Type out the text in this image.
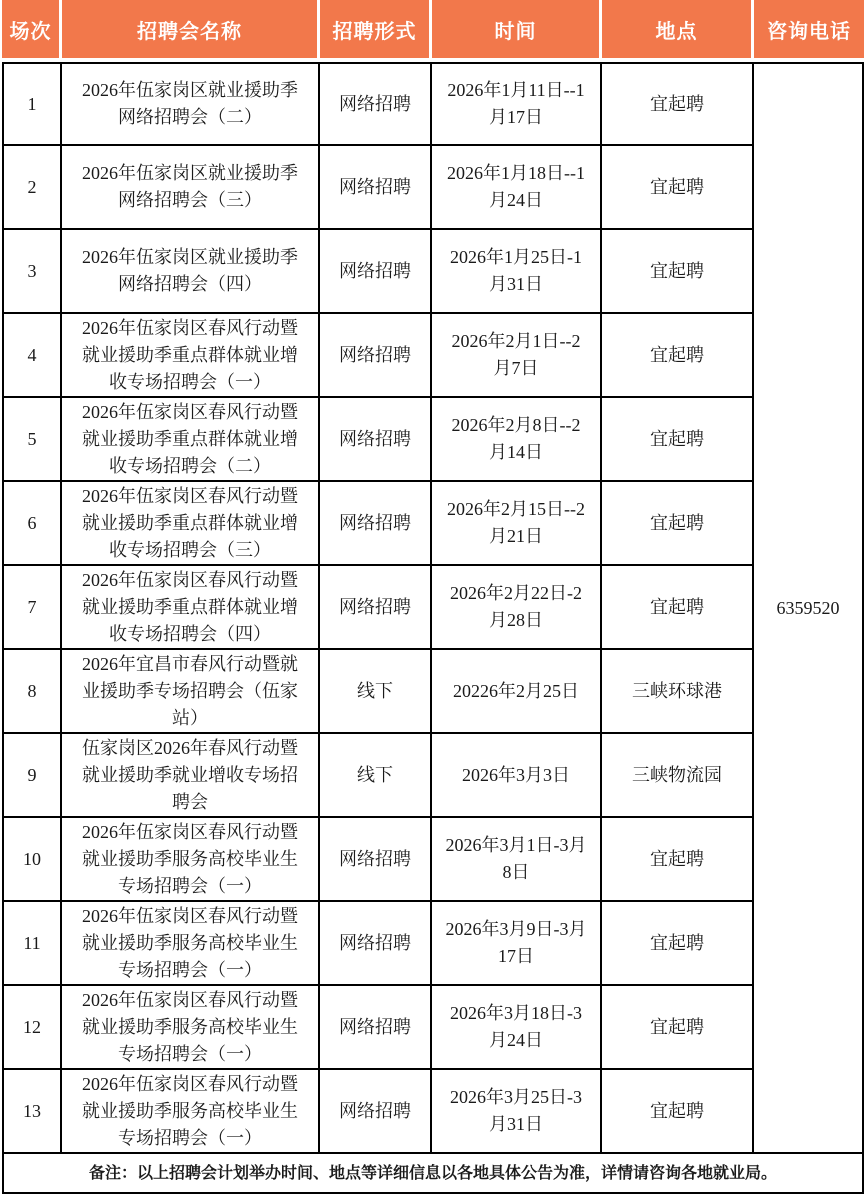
场次	招聘会名称	招聘形式	时间	地点	咨询电话
1	2026年伍家岗区就业援助季网络招聘会（二）	网络招聘	2026年1月11日--1月17日	宜起聘	6359520
2	2026年伍家岗区就业援助季网络招聘会（三）	网络招聘	2026年1月18日--1月24日	宜起聘	
3	2026年伍家岗区就业援助季网络招聘会（四）	网络招聘	2026年1月25日-1月31日	宜起聘	
4	2026年伍家岗区春风行动暨就业援助季重点群体就业增收专场招聘会（一）	网络招聘	2026年2月1日--2月7日	宜起聘	
5	2026年伍家岗区春风行动暨就业援助季重点群体就业增收专场招聘会（二）	网络招聘	2026年2月8日--2月14日	宜起聘	
6	2026年伍家岗区春风行动暨就业援助季重点群体就业增收专场招聘会（三）	网络招聘	2026年2月15日--2月21日	宜起聘	
7	2026年伍家岗区春风行动暨就业援助季重点群体就业增收专场招聘会（四）	网络招聘	2026年2月22日-2月28日	宜起聘	
8	2026年宜昌市春风行动暨就业援助季专场招聘会（伍家站）	线下	20226年2月25日	三峡环球港	
9	伍家岗区2026年春风行动暨就业援助季就业增收专场招聘会	线下	2026年3月3日	三峡物流园	
10	2026年伍家岗区春风行动暨就业援助季服务高校毕业生专场招聘会（一）	网络招聘	2026年3月1日-3月8日	宜起聘	
11	2026年伍家岗区春风行动暨就业援助季服务高校毕业生专场招聘会（一）	网络招聘	2026年3月9日-3月17日	宜起聘	
12	2026年伍家岗区春风行动暨就业援助季服务高校毕业生专场招聘会（一）	网络招聘	2026年3月18日-3月24日	宜起聘	
13	2026年伍家岗区春风行动暨就业援助季服务高校毕业生专场招聘会（一）	网络招聘	2026年3月25日-3月31日	宜起聘	
备注：以上招聘会计划举办时间、地点等详细信息以各地具体公告为准，详情请咨询各地就业局。					
